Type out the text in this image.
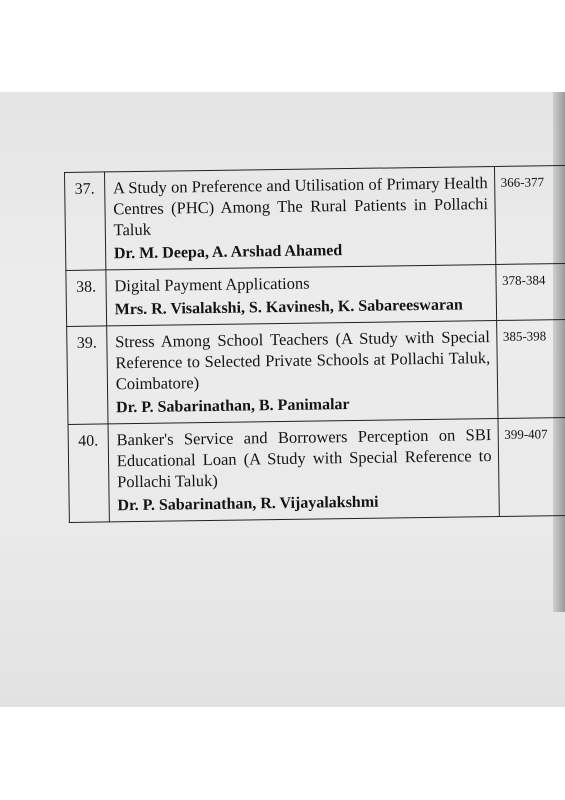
37.	A Study on Preference and Utilisation of Primary Health Centres (PHC) Among The Rural Patients in Pollachi Taluk
Dr. M. Deepa, A. Arshad Ahamed	366-377
38.	Digital Payment Applications
Mrs. R. Visalakshi, S. Kavinesh, K. Sabareeswaran	378-384
39.	Stress Among School Teachers (A Study with Special Reference to Selected Private Schools at Pollachi Taluk, Coimbatore)
Dr. P. Sabarinathan, B. Panimalar	385-398
40.	Banker's Service and Borrowers Perception on SBI Educational Loan (A Study with Special Reference to Pollachi Taluk)
Dr. P. Sabarinathan, R. Vijayalakshmi	399-407
